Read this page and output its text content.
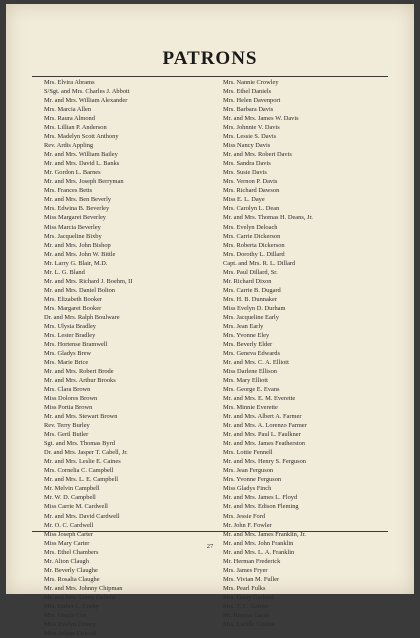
PATRONS
Mrs. Elvira Abrams
S/Sgt. and Mrs. Charles J. Abbott
Mr. and Mrs. William Alexander
Mrs. Marcia Allen
Mrs. Raura Almond
Mrs. Lillian P. Anderson
Mrs. Madelyn Scott Anthony
Rev. Ardis Appling
Mr. and Mrs. William Bailey
Mr. and Mrs. David L. Banks
Mr. Gordon L. Barnes
Mr. and Mrs. Joseph Berryman
Mrs. Frances Betts
Mr. and Mrs. Ben Beverly
Mrs. Edwina B. Beverley
Miss Margaret Beverley
Miss Marcia Beverley
Mrs. Jacqueline Bixby
Mr. and Mrs. John Bishop
Mr. and Mrs. John W. Bittle
Mr. Larry G. Blair, M.D.
Mr. L. G. Bland
Mr. and Mrs. Richard J. Boehm, II
Mr. and Mrs. Daniel Bolton
Mrs. Elizabeth Booker
Mrs. Margaret Booker
Dr. and Mrs. Ralph Boulware
Mrs. Ulysia Bradley
Mrs. Lester Bradley
Mrs. Hortense Bramwell
Mrs. Gladys Brew
Mrs. Marie Brice
Mr. and Mrs. Robert Brode
Mr. and Mrs. Arthur Brooks
Mrs. Clara Brown
Miss Dolores Brown
Miss Portia Brown
Mr. and Mrs. Stewart Brown
Rev. Terry Burley
Mrs. Gertl Butler
Sgt. and Mrs. Thomas Byrd
Dr. and Mrs. Jasper T. Cabell, Jr.
Mr. and Mrs. Leslie E. Caines
Mrs. Cornelia C. Campbell
Mr. and Mrs. L. E. Campbell
Mr. Melvin Campbell
Mr. W. D. Campbell
Miss Carrie M. Cardwell
Mr. and Mrs. David Cardwell
Mr. O. C. Cardwell
Miss Joseph Carter
Miss Mary Carter
Mrs. Ethel Chambers
Mr. Alton Claugh
Mr. Beverly Claughe
Mrs. Rosalia Claughe
Mr. and Mrs. Johnny Chipman
Mr. and Mrs. Leroy Cofield
Mrs. Esther L. Cosby
Mrs. Gracie Cox
Miss Evelyn Creecy
Miss Arlene Crucoff
Mrs. Nannie Crowley
Mrs. Ethel Daniels
Mrs. Helen Davenport
Mrs. Barbara Davis
Mr. and Mrs. James W. Davis
Mrs. Johnnie V. Davis
Mrs. Lessie S. Davis
Miss Nancy Davis
Mr. and Mrs. Robert Davis
Mrs. Sandra Davis
Mrs. Susie Davis
Mrs. Vernon P. Davis
Mrs. Richard Dawson
Miss E. L. Daye
Mrs. Carolyn L. Dean
Mr. and Mrs. Thomas H. Deans, Jr.
Mrs. Evelyn Deloach
Mrs. Carrie Dickerson
Mrs. Roberta Dickerson
Mrs. Dorothy L. Dillard
Capt. and Mrs. R. L. Dillard
Mrs. Paul Dillard, Sr.
Mr. Richard Dixon
Mrs. Carrie B. Dugard
Mrs. H. B. Dunnaker
Miss Evelyn D. Durham
Mrs. Jacqueline Early
Mrs. Jean Early
Mrs. Yvonne Eley
Mrs. Beverly Elder
Mrs. Geneva Edwards
Mr. and Mrs. C. A. Elliott
Miss Darlene Ellison
Mrs. Mary Elliott
Mrs. George E. Evans
Mr. and Mrs. E. M. Everette
Mrs. Minnie Everette
Mr. and Mrs. Albert A. Farmer
Mr. and Mrs. A. Lorenzo Farmer
Mr. and Mrs. Paul L. Faulkner
Mr. and Mrs. James Featherston
Mrs. Lottie Fennell
Mr. and Mrs. Henry S. Ferguson
Mrs. Jean Ferguson
Mrs. Yvonne Ferguson
Miss Gladys Finch
Mr. and Mrs. James L. Floyd
Mr. and Mrs. Edison Fleming
Mrs. Jessie Ford
Mr. John F. Fowler
Mr. and Mrs. James Franklin, Jr.
Mr. and Mrs. John Franklin
Mr. and Mrs. L. A. Franklin
Mr. Herman Frederick
Mrs. James Fryer
Mrs. Vivian M. Fuller
Mrs. Pearl Fulks
Mrs. Daisy Garland
Mrs. T. C. Garner
Mr. Roscoe Garris
Mrs. Lucille Greene
27
